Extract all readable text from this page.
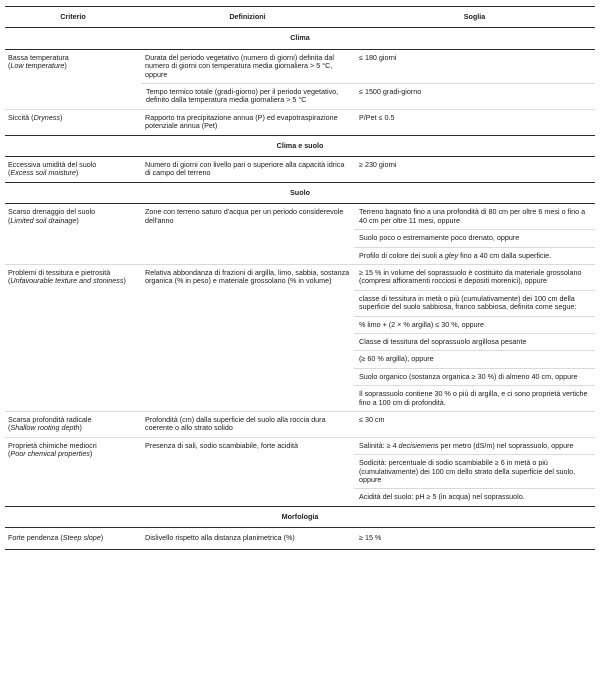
Criterio	Definizioni	Soglia
Clima		
Bassa temperatura
(Low temperature)	Durata del periodo vegetativo (numero di giorni) definita dal numero di giorni con temperatura media giornaliera > 5 °C, oppure	≤ 180 giorni
	Tempo termico totale (gradi-giorno) per il periodo vegetativo, definito dalla temperatura media giornaliera > 5 °C	≤ 1500 gradi-giorno
Siccità (Dryness)	Rapporto tra precipitazione annua (P) ed evapotraspirazione potenziale annua (Pet)	P/Pet ≤ 0.5
Clima e suolo		
Eccessiva umidità del suolo
(Excess soil moisture)	Numero di giorni con livello pari o superiore alla capacità idrica di campo del terreno	≥ 230 giorni
Suolo		
Scarso drenaggio del suolo
(Limited soil drainage)	Zone con terreno saturo d'acqua per un periodo considerevole dell'anno	Terreno bagnato fino a una profondità di 80 cm per oltre 6 mesi o fino a 40 cm per oltre 11 mesi, oppure
		Suolo poco o estremamente poco drenato, oppure
		Profilo di colore dei suoli a gley fino a 40 cm dalla superficie.
Problemi di tessitura e pietrosità
(Unfavourable texture and stoniness)	Relativa abbondanza di frazioni di argilla, limo, sabbia, sostanza organica (% in peso) e materiale grossolano (% in volume)	≥ 15 % in volume del soprassuolo è costituito da materiale grossolano (compresi affioramenti rocciosi e depositi morenici), oppure
		classe di tessitura in metà o più (cumulativamente) dei 100 cm della superficie del suolo sabbiosa, franco sabbiosa, definita come segue:
		% limo + (2 × % argilla) ≤ 30 %, oppure
		Classe di tessitura del soprassuolo argillosa pesante
		(≥ 60 % argilla), oppure
		Suolo organico (sostanza organica ≥ 30 %) di almeno 40 cm, oppure
		Il soprassuolo contiene 30 % o più di argilla, e ci sono proprietà vertiche fino a 100 cm di profondità.
Scarsa profondità radicale
(Shallow rooting depth)	Profondità (cm) dalla superficie del suolo alla roccia dura coerente o allo strato solido	≤ 30 cm
Proprietà chimiche mediocri
(Poor chemical properties)	Presenza di sali, sodio scambiabile, forte acidità	Salinità: ≥ 4 decisiemens per metro (dS/m) nel soprassuolo, oppure
		Sodicità: percentuale di sodio scambiabile ≥ 6 in metà o più (cumulativamente) dei 100 cm dello strato della superficie del suolo, oppure
		Acidità del suolo: pH ≥ 5 (in acqua) nel soprassuolo.
Morfologia		
Forte pendenza (Steep slope)	Dislivello rispetto alla distanza planimetrica (%)	≥ 15 %
